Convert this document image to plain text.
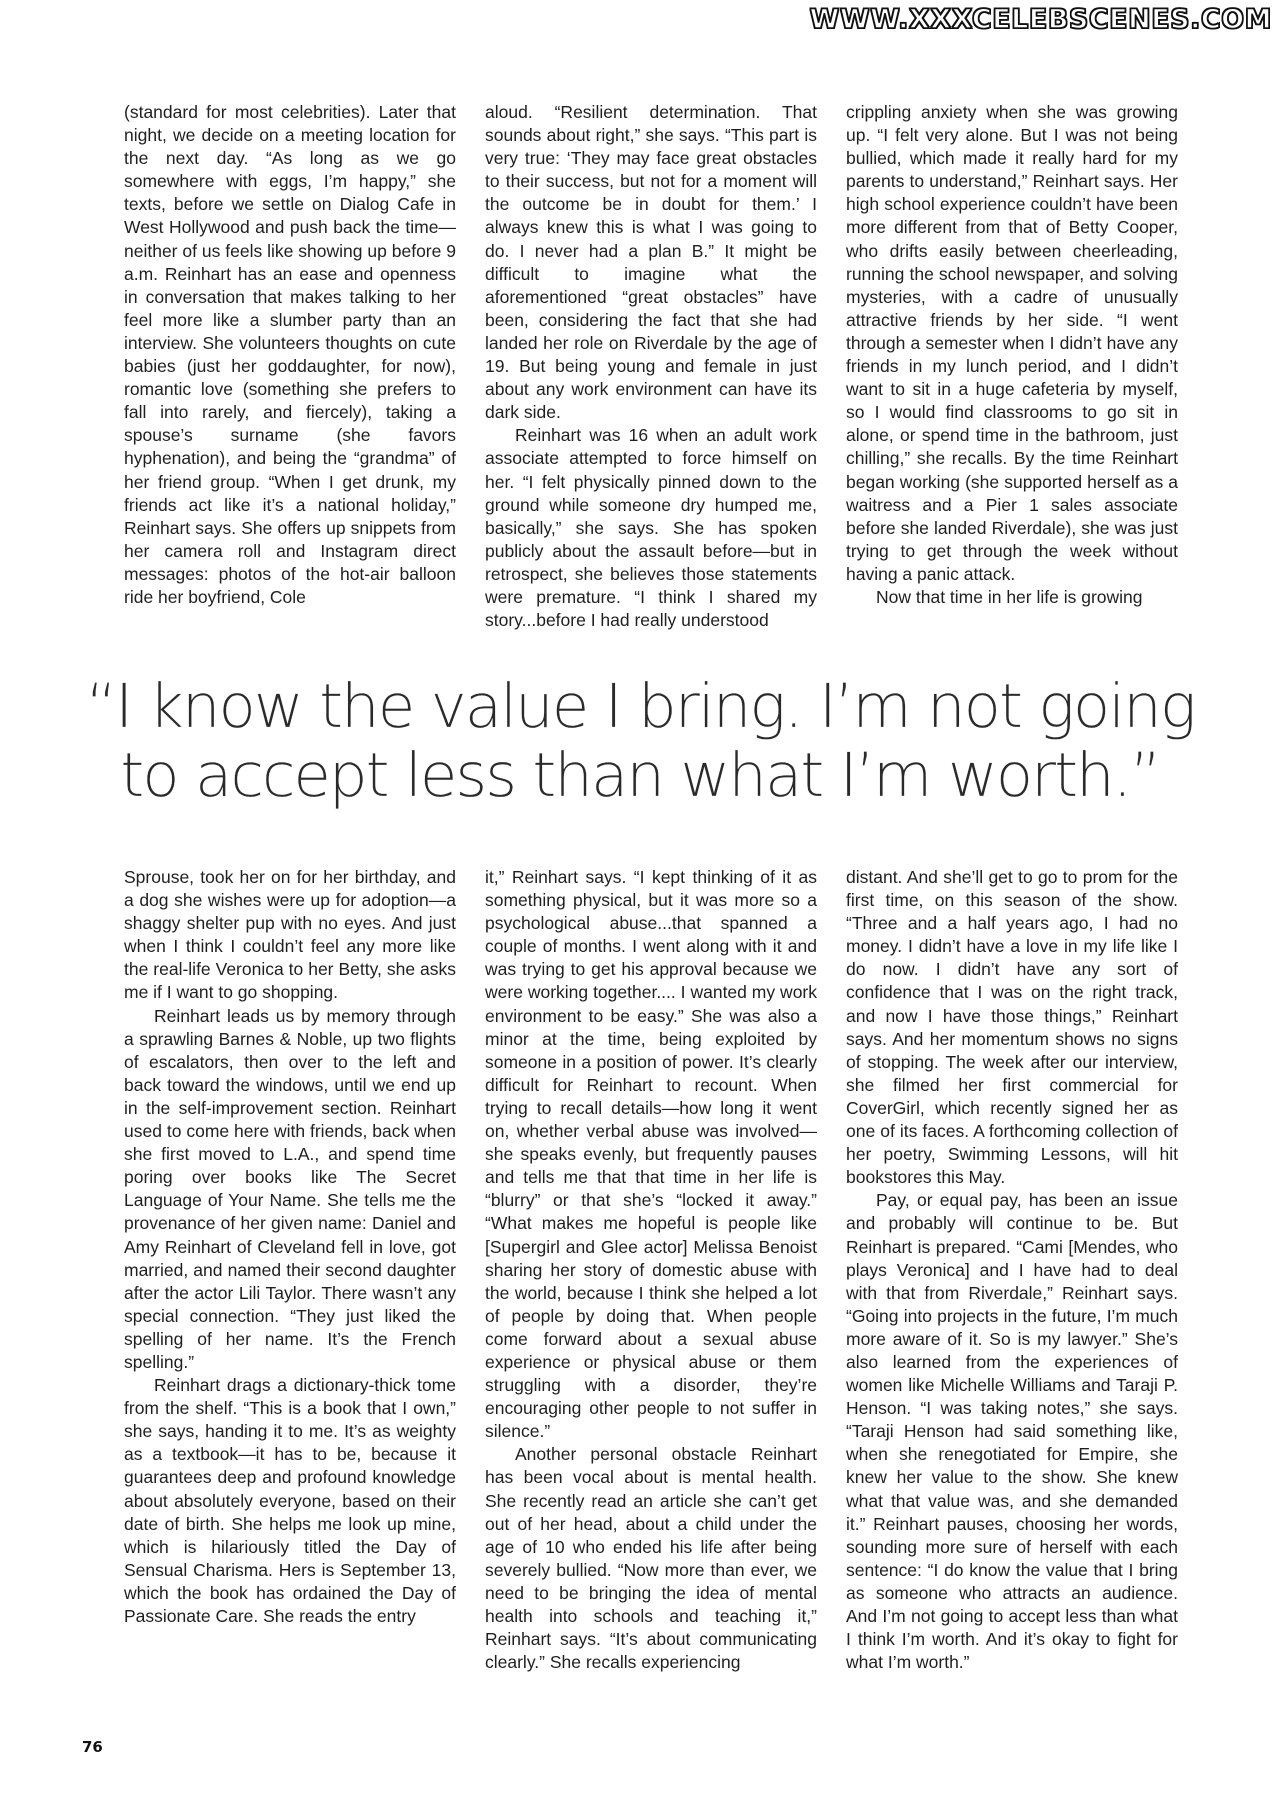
WWW.XXXCELEBSCENES.COM

(standard for most celebrities). Later that night, we decide on a meeting location for the next day. “As long as we go somewhere with eggs, I’m happy,” she texts, before we settle on Dialog Cafe in West Hollywood and push back the time—neither of us feels like showing up before 9 a.m. Reinhart has an ease and openness in conversation that makes talking to her feel more like a slumber party than an interview. She volunteers thoughts on cute babies (just her goddaughter, for now), romantic love (something she prefers to fall into rarely, and fiercely), taking a spouse’s surname (she favors hyphenation), and being the “grandma” of her friend group. “When I get drunk, my friends act like it’s a national holiday,” Reinhart says. She offers up snippets from her camera roll and Instagram direct messages: photos of the hot-air balloon ride her boyfriend, Cole

aloud. “Resilient determination. That sounds about right,” she says. “This part is very true: ‘They may face great obstacles to their success, but not for a moment will the outcome be in doubt for them.’ I always knew this is what I was going to do. I never had a plan B.” It might be difficult to imagine what the aforementioned “great obstacles” have been, considering the fact that she had landed her role on Riverdale by the age of 19. But being young and female in just about any work environment can have its dark side.

Reinhart was 16 when an adult work associate attempted to force himself on her. “I felt physically pinned down to the ground while someone dry humped me, basically,” she says. She has spoken publicly about the assault before—but in retrospect, she believes those statements were premature. “I think I shared my story...before I had really understood

crippling anxiety when she was growing up. “I felt very alone. But I was not being bullied, which made it really hard for my parents to understand,” Reinhart says. Her high school experience couldn’t have been more different from that of Betty Cooper, who drifts easily between cheerleading, running the school newspaper, and solving mysteries, with a cadre of unusually attractive friends by her side. “I went through a semester when I didn’t have any friends in my lunch period, and I didn’t want to sit in a huge cafeteria by myself, so I would find classrooms to go sit in alone, or spend time in the bathroom, just chilling,” she recalls. By the time Reinhart began working (she supported herself as a waitress and a Pier 1 sales associate before she landed Riverdale), she was just trying to get through the week without having a panic attack.

Now that time in her life is growing

“I know the value I bring. I’m not going to accept less than what I’m worth.”

Sprouse, took her on for her birthday, and a dog she wishes were up for adoption—a shaggy shelter pup with no eyes. And just when I think I couldn’t feel any more like the real-life Veronica to her Betty, she asks me if I want to go shopping.

Reinhart leads us by memory through a sprawling Barnes & Noble, up two flights of escalators, then over to the left and back toward the windows, until we end up in the self-improvement section. Reinhart used to come here with friends, back when she first moved to L.A., and spend time poring over books like The Secret Language of Your Name. She tells me the provenance of her given name: Daniel and Amy Reinhart of Cleveland fell in love, got married, and named their second daughter after the actor Lili Taylor. There wasn’t any special connection. “They just liked the spelling of her name. It’s the French spelling.”

Reinhart drags a dictionary-thick tome from the shelf. “This is a book that I own,” she says, handing it to me. It’s as weighty as a textbook—it has to be, because it guarantees deep and profound knowledge about absolutely everyone, based on their date of birth. She helps me look up mine, which is hilariously titled the Day of Sensual Charisma. Hers is September 13, which the book has ordained the Day of Passionate Care. She reads the entry

it,” Reinhart says. “I kept thinking of it as something physical, but it was more so a psychological abuse...that spanned a couple of months. I went along with it and was trying to get his approval because we were working together.... I wanted my work environment to be easy.” She was also a minor at the time, being exploited by someone in a position of power. It’s clearly difficult for Reinhart to recount. When trying to recall details—how long it went on, whether verbal abuse was involved—she speaks evenly, but frequently pauses and tells me that that time in her life is “blurry” or that she’s “locked it away.” “What makes me hopeful is people like [Supergirl and Glee actor] Melissa Benoist sharing her story of domestic abuse with the world, because I think she helped a lot of people by doing that. When people come forward about a sexual abuse experience or physical abuse or them struggling with a disorder, they’re encouraging other people to not suffer in silence.”

Another personal obstacle Reinhart has been vocal about is mental health. She recently read an article she can’t get out of her head, about a child under the age of 10 who ended his life after being severely bullied. “Now more than ever, we need to be bringing the idea of mental health into schools and teaching it,” Reinhart says. “It’s about communicating clearly.” She recalls experiencing

distant. And she’ll get to go to prom for the first time, on this season of the show. “Three and a half years ago, I had no money. I didn’t have a love in my life like I do now. I didn’t have any sort of confidence that I was on the right track, and now I have those things,” Reinhart says. And her momentum shows no signs of stopping. The week after our interview, she filmed her first commercial for CoverGirl, which recently signed her as one of its faces. A forthcoming collection of her poetry, Swimming Lessons, will hit bookstores this May.

Pay, or equal pay, has been an issue and probably will continue to be. But Reinhart is prepared. “Cami [Mendes, who plays Veronica] and I have had to deal with that from Riverdale,” Reinhart says. “Going into projects in the future, I’m much more aware of it. So is my lawyer.” She’s also learned from the experiences of women like Michelle Williams and Taraji P. Henson. “I was taking notes,” she says. “Taraji Henson had said something like, when she renegotiated for Empire, she knew her value to the show. She knew what that value was, and she demanded it.” Reinhart pauses, choosing her words, sounding more sure of herself with each sentence: “I do know the value that I bring as someone who attracts an audience. And I’m not going to accept less than what I think I’m worth. And it’s okay to fight for what I’m worth.”

76
